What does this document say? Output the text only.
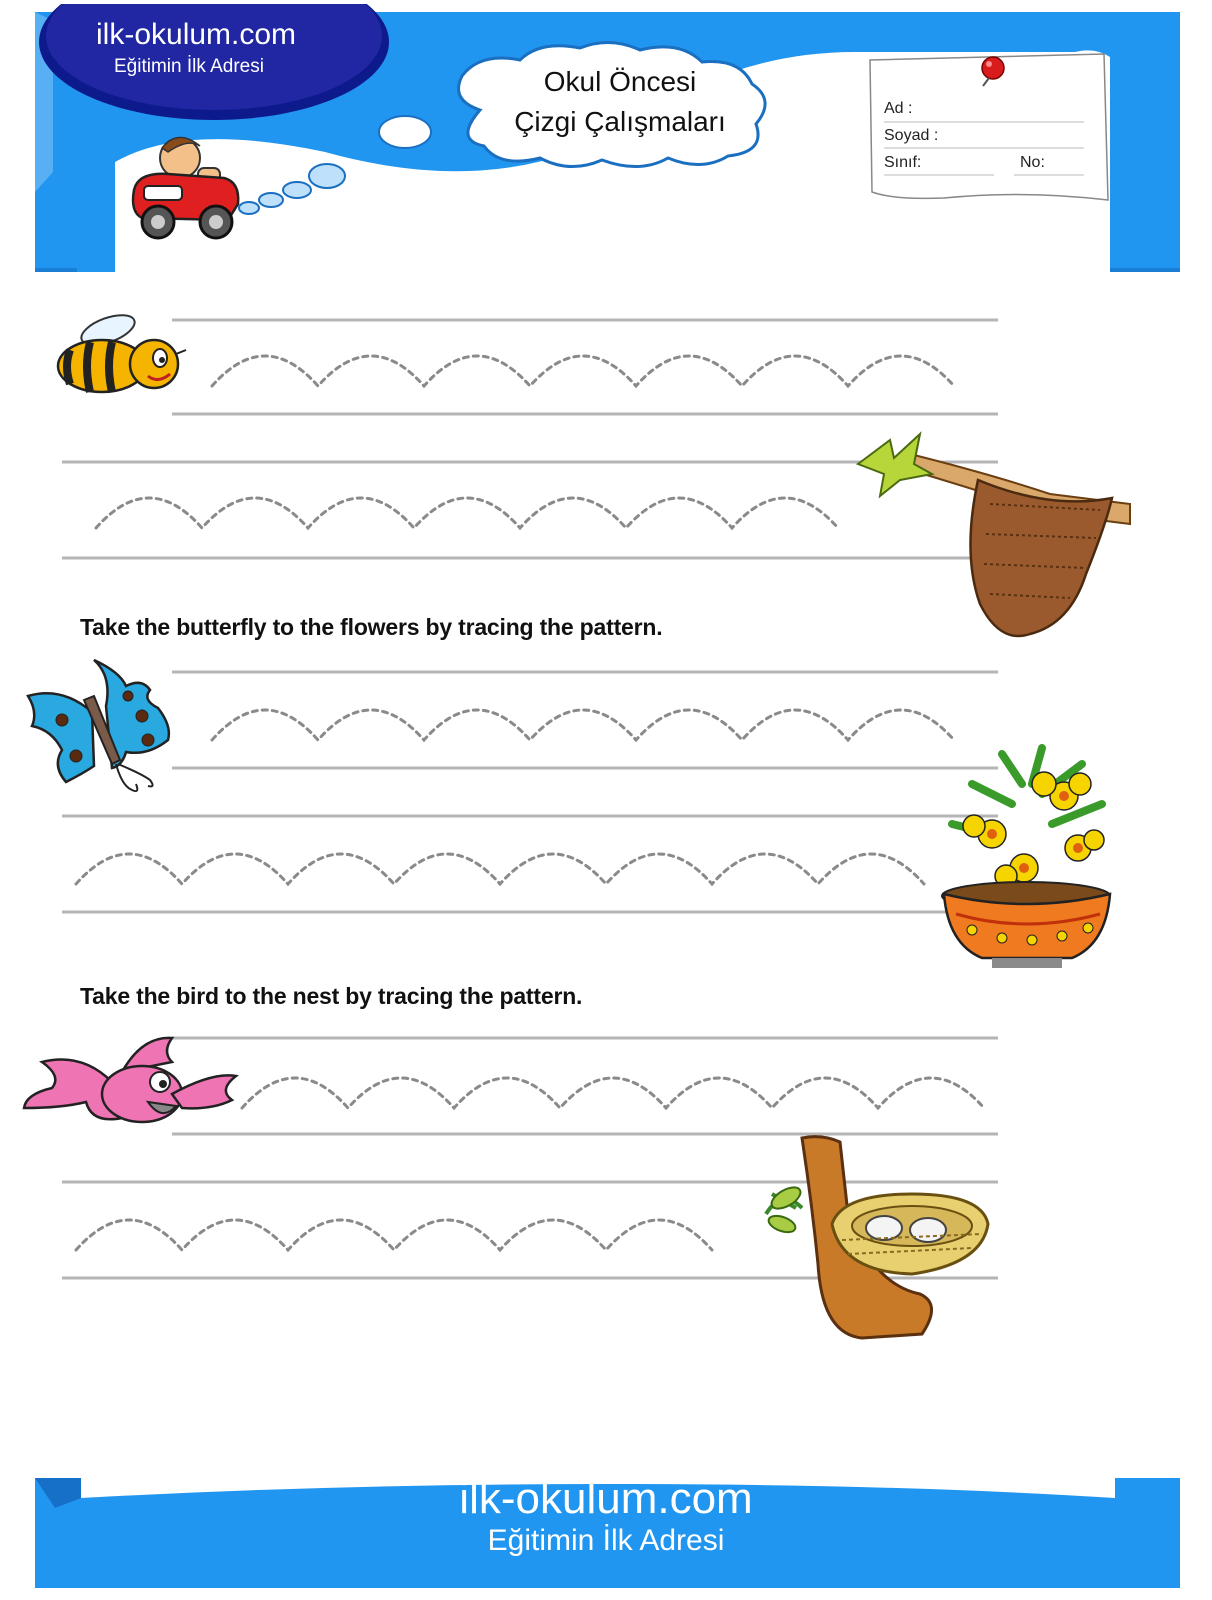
ilk-okulum.com
Eğitimin İlk Adresi	Okul Öncesi
Çizgi Çalışmaları	Ad :
Soyad :
Sınıf:	No:
Take the butterfly to the flowers by tracing the pattern.
Take the bird to the nest by tracing the pattern.
ilk-okulum.com
Eğitimin İlk Adresi
